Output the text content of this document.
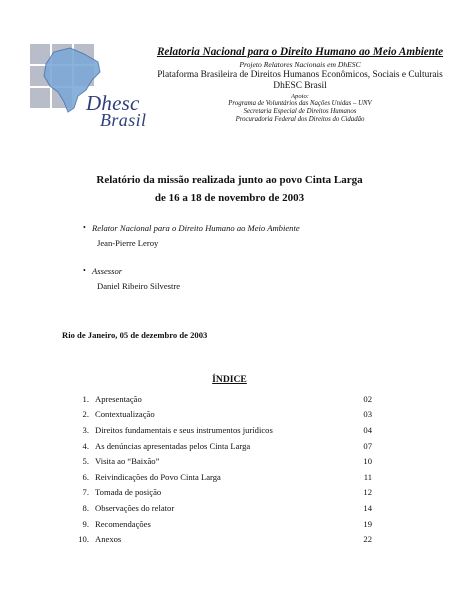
Dhesc
Brasil
Relatoria Nacional para o Direito Humano ao Meio Ambiente
Projeto Relatores Nacionais em DhESC
Plataforma Brasileira de Direitos Humanos Econômicos, Sociais e Culturais
DhESC Brasil
Apoio:
Programa de Voluntários das Nações Unidas – UNV
Secretaria Especial de Direitos Humanos
Procuradoria Federal dos Direitos do Cidadão
Relatório da missão realizada junto ao povo Cinta Larga
de 16 a 18 de novembro de 2003
• Relator Nacional para o Direito Humano ao Meio Ambiente
Jean-Pierre Leroy
• Assessor
Daniel Ribeiro Silvestre
Rio de Janeiro, 05 de dezembro de 2003
ÍNDICE
1. Apresentação	02
2. Contextualização	03
3. Direitos fundamentais e seus instrumentos jurídicos	04
4. As denúncias apresentadas pelos Cinta Larga	07
5. Visita ao “Baixão”	10
6. Reivindicações do Povo Cinta Larga	11
7. Tomada de posição	12
8. Observações do relator	14
9. Recomendações	19
10. Anexos	22
